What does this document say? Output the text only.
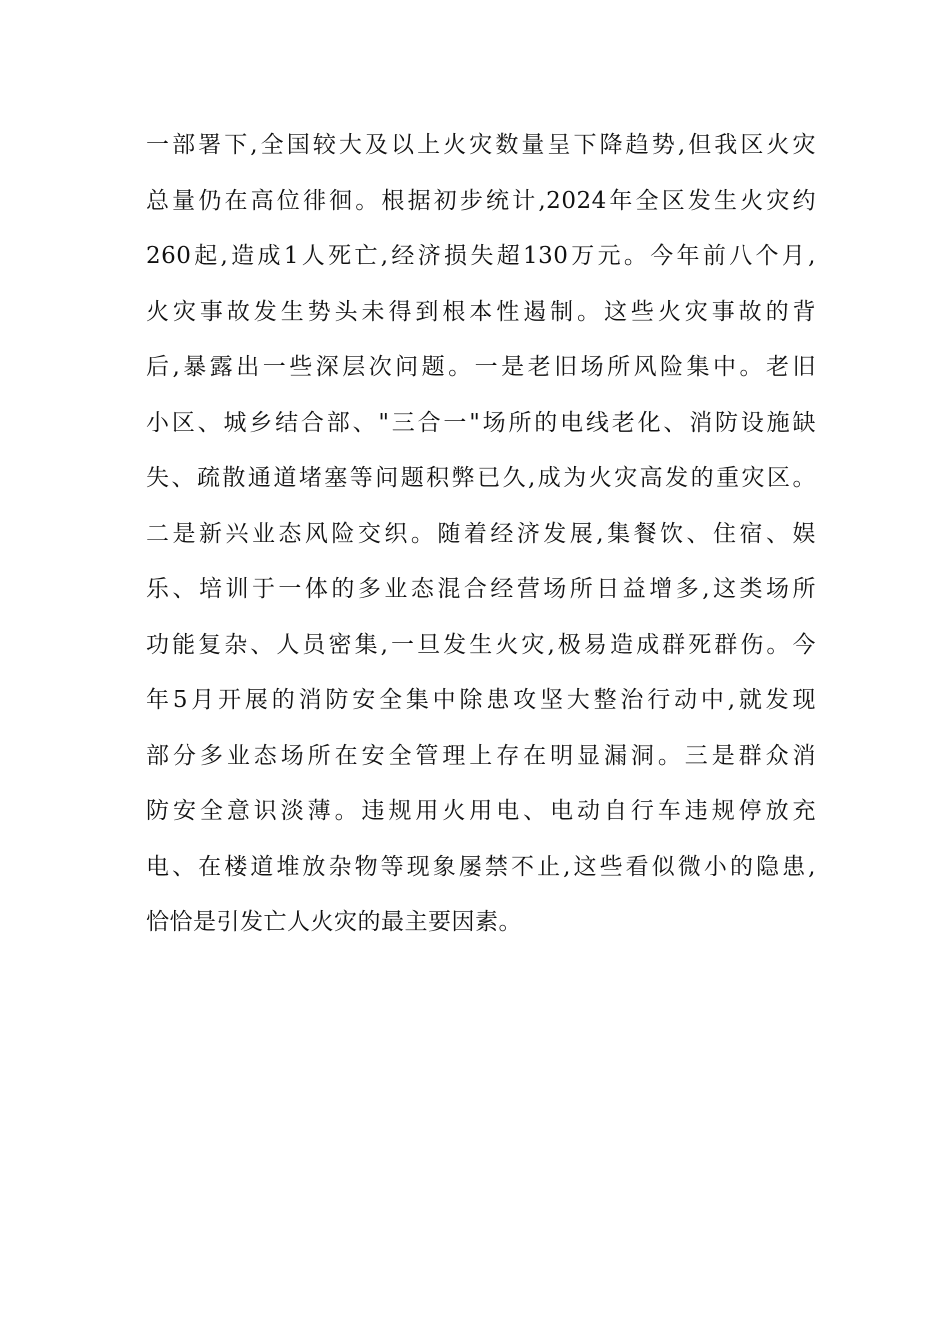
一部署下,全国较大及以上火灾数量呈下降趋势,但我区火灾
总量仍在高位徘徊。根据初步统计,2024年全区发生火灾约
260起,造成1人死亡,经济损失超130万元。今年前八个月,
火灾事故发生势头未得到根本性遏制。这些火灾事故的背
后,暴露出一些深层次问题。一是老旧场所风险集中。老旧
小区、城乡结合部、"三合一"场所的电线老化、消防设施缺
失、疏散通道堵塞等问题积弊已久,成为火灾高发的重灾区。
二是新兴业态风险交织。随着经济发展,集餐饮、住宿、娱
乐、培训于一体的多业态混合经营场所日益增多,这类场所
功能复杂、人员密集,一旦发生火灾,极易造成群死群伤。今
年5月开展的消防安全集中除患攻坚大整治行动中,就发现
部分多业态场所在安全管理上存在明显漏洞。三是群众消
防安全意识淡薄。违规用火用电、电动自行车违规停放充
电、在楼道堆放杂物等现象屡禁不止,这些看似微小的隐患,
恰恰是引发亡人火灾的最主要因素。
